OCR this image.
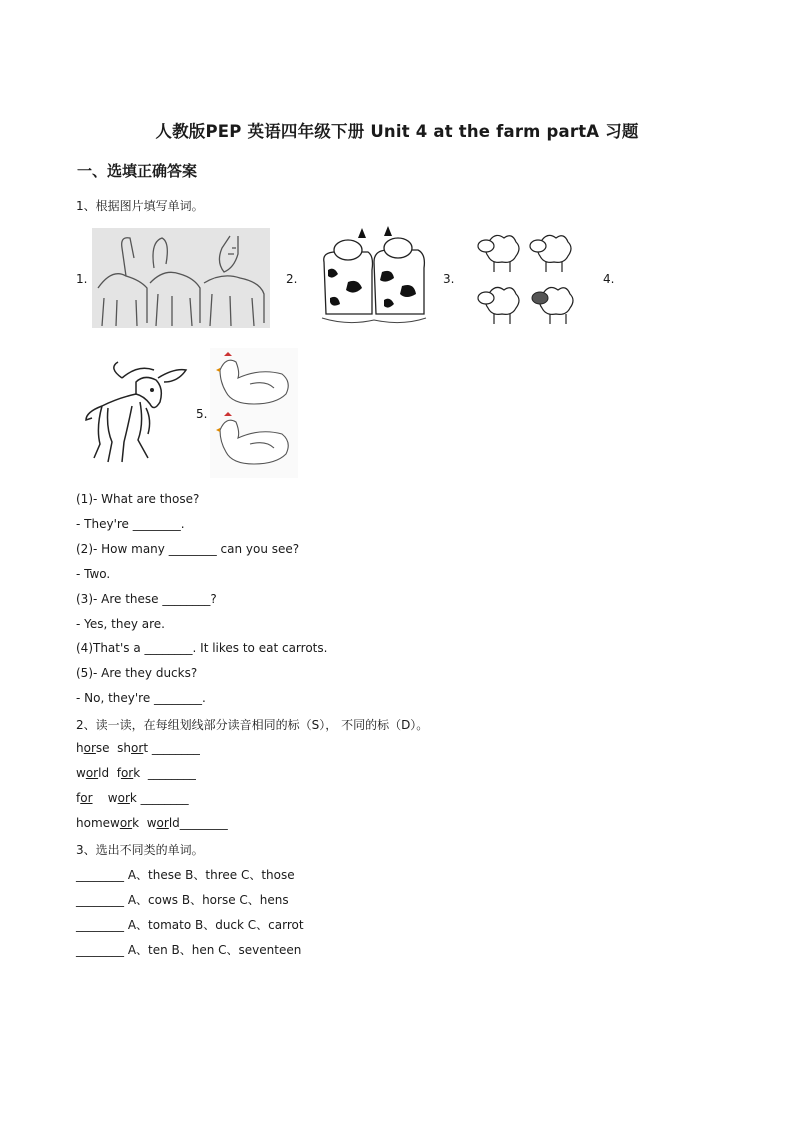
人教版PEP 英语四年级下册 Unit 4 at the farm partA 习题
一、选填正确答案
1、根据图片填写单词。
1.	2.	3.	4.
5.
(1)- What are those?
- They're ________.
(2)- How many ________ can you see?
- Two.
(3)- Are these ________?
- Yes, they are.
(4)That's a ________. It likes to eat carrots.
(5)- Are they ducks?
- No, they're ________.
2、读一读，在每组划线部分读音相同的标（S）， 不同的标（D）。
horse short ________
world fork ________
for work ________
homework world________
3、选出不同类的单词。
________ A、these B、three C、those
________ A、cows B、horse C、hens
________ A、tomato B、duck C、carrot
________ A、ten B、hen C、seventeen
